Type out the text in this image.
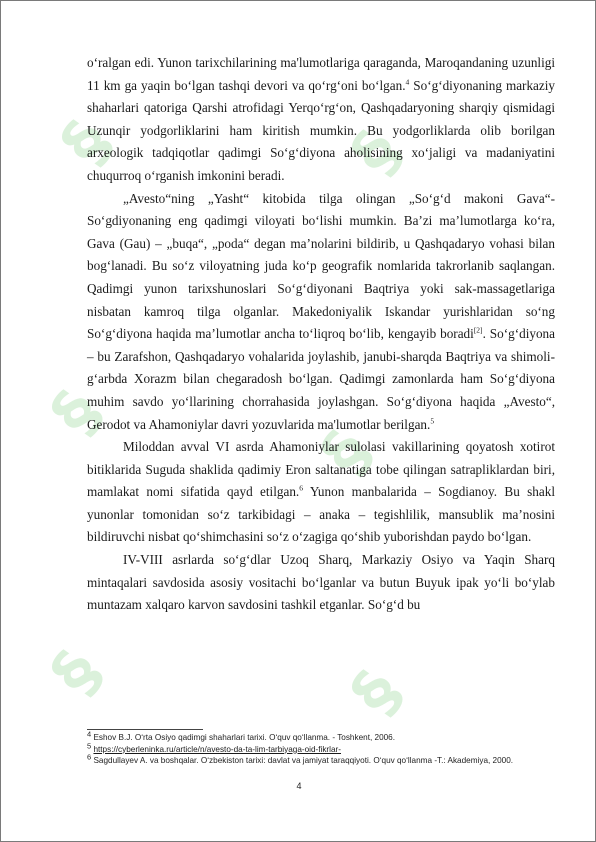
§	§
§
§
§	§

oʻralgan edi. Yunon tarixchilarining ma'lumotlariga qaraganda, Maroqandaning uzunligi 11 km ga yaqin boʻlgan tashqi devori va qoʻrgʻoni boʻlgan.$^4$ Soʻgʻdiyonaning markaziy shaharlari qatoriga Qarshi atrofidagi Yerqoʻrgʻon, Qashqadaryoning sharqiy qismidagi Uzunqir yodgorliklarini ham kiritish mumkin. Bu yodgorliklarda olib borilgan arxeologik tadqiqotlar qadimgi Soʻgʻdiyona aholisining xoʻjaligi va madaniyatini chuqurroq oʻrganish imkonini beradi.

„Avesto“ning „Yasht“ kitobida tilga olingan „Soʻgʻd makoni Gava“-Soʻgdiyonaning eng qadimgi viloyati boʻlishi mumkin. Baʼzi maʼlumotlarga koʻra, Gava (Gau) – „buqa“, „poda“ degan maʼnolarini bildirib, u Qashqadaryo vohasi bilan bogʻlanadi. Bu soʻz viloyatning juda koʻp geografik nomlarida takrorlanib saqlangan. Qadimgi yunon tarixshunoslari Soʻgʻdiyonani Baqtriya yoki sak-massagetlariga nisbatan kamroq tilga olganlar. Makedoniyalik Iskandar yurishlaridan soʻng Soʻgʻdiyona haqida maʼlumotlar ancha toʻliqroq boʻlib, kengayib boradi[2]. Soʻgʻdiyona – bu Zarafshon, Qashqadaryo vohalarida joylashib, janubi-sharqda Baqtriya va shimoli-gʻarbda Xorazm bilan chegaradosh boʻlgan. Qadimgi zamonlarda ham Soʻgʻdiyona muhim savdo yoʻllarining chorrahasida joylashgan. Soʻgʻdiyona haqida „Avesto“, Gerodot va Ahamoniylar davri yozuvlarida ma'lumotlar berilgan.$^5$

Miloddan avval VI asrda Ahamoniylar sulolasi vakillarining qoyatosh xotirot bitiklarida Suguda shaklida qadimiy Eron saltanatiga tobe qilingan satrapliklardan biri, mamlakat nomi sifatida qayd etilgan.$^6$ Yunon manbalarida – Sogdianoy. Bu shakl yunonlar tomonidan soʻz tarkibidagi – anaka – tegishlilik, mansublik maʼnosini bildiruvchi nisbat qoʻshimchasini soʻz oʻzagiga qoʻshib yuborishdan paydo boʻlgan.

IV-VIII asrlarda soʻgʻdlar Uzoq Sharq, Markaziy Osiyo va Yaqin Sharq mintaqalari savdosida asosiy vositachi boʻlganlar va butun Buyuk ipak yoʻli boʻylab muntazam xalqaro karvon savdosini tashkil etganlar. Soʻgʻd bu

$^4$ Eshov B.J. Oʻrta Osiyo qadimgi shaharlari tarixi. Oʻquv qoʻllanma. - Toshkent, 2006.

$^5$ https://cyberleninka.ru/article/n/avesto-da-ta-lim-tarbiyaga-oid-fikrlar-

$^6$ Sagdullayev A. va boshqalar. Oʻzbekiston tarixi: davlat va jamiyat taraqqiyoti. Oʻquv qoʻllanma -T.: Akademiya, 2000.

4
